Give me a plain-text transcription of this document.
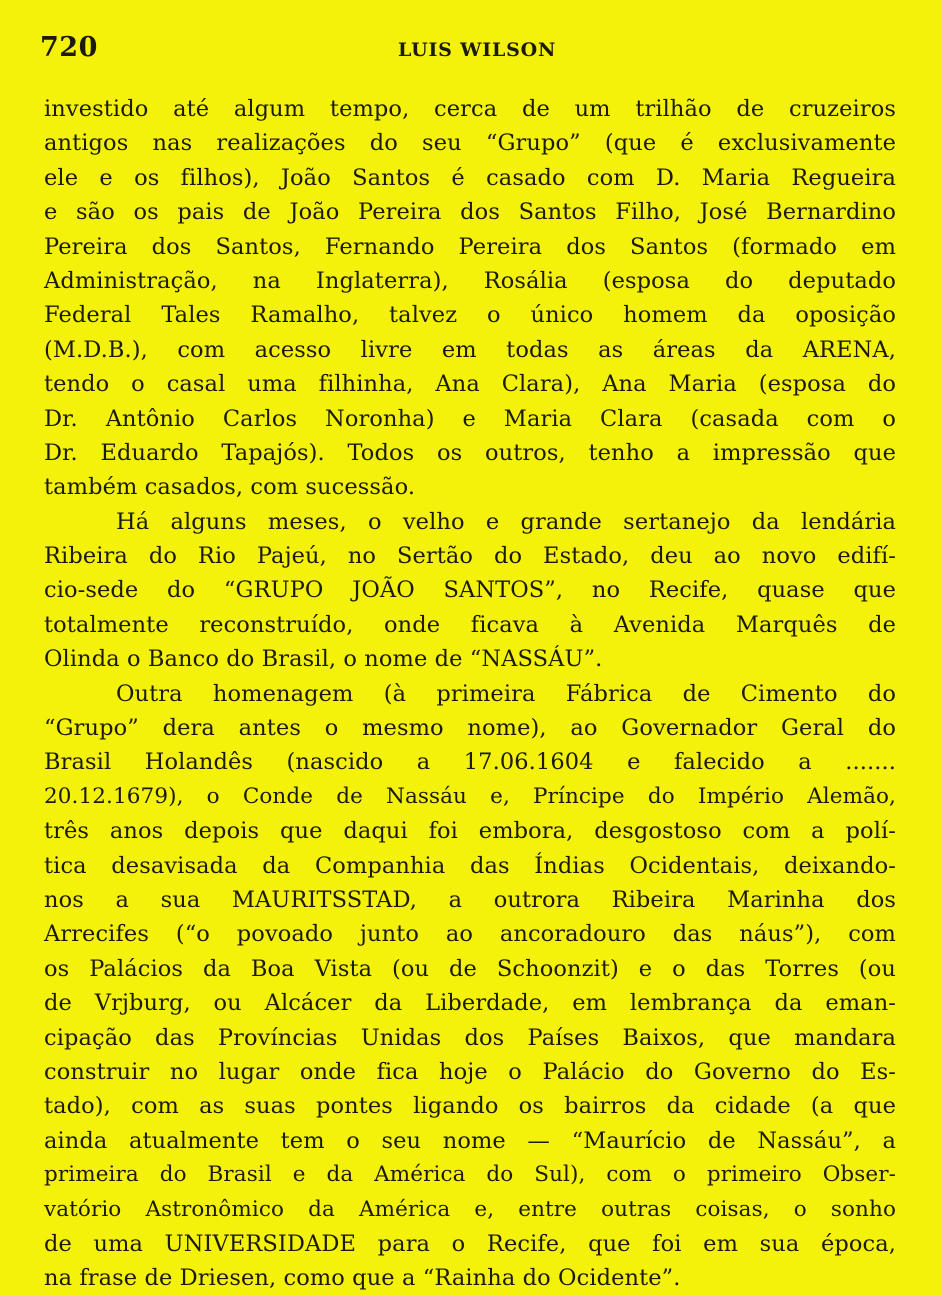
720	LUIS WILSON
investido até algum tempo, cerca de um trilhão de cruzeiros
antigos nas realizações do seu “Grupo” (que é exclusivamente
ele e os filhos), João Santos é casado com D. Maria Regueira
e são os pais de João Pereira dos Santos Filho, José Bernardino
Pereira dos Santos, Fernando Pereira dos Santos (formado em
Administração, na Inglaterra), Rosália (esposa do deputado
Federal Tales Ramalho, talvez o único homem da oposição
(M.D.B.), com acesso livre em todas as áreas da ARENA,
tendo o casal uma filhinha, Ana Clara), Ana Maria (esposa do
Dr. Antônio Carlos Noronha) e Maria Clara (casada com o
Dr. Eduardo Tapajós). Todos os outros, tenho a impressão que
também casados, com sucessão.
Há alguns meses, o velho e grande sertanejo da lendária
Ribeira do Rio Pajeú, no Sertão do Estado, deu ao novo edifí-
cio-sede do “GRUPO JOÃO SANTOS”, no Recife, quase que
totalmente reconstruído, onde ficava à Avenida Marquês de
Olinda o Banco do Brasil, o nome de “NASSÁU”.
Outra homenagem (à primeira Fábrica de Cimento do
“Grupo” dera antes o mesmo nome), ao Governador Geral do
Brasil Holandês (nascido a 17.06.1604 e falecido a .......
20.12.1679), o Conde de Nassáu e, Príncipe do Império Alemão,
três anos depois que daqui foi embora, desgostoso com a polí-
tica desavisada da Companhia das Índias Ocidentais, deixando-
nos a sua MAURITSSTAD, a outrora Ribeira Marinha dos
Arrecifes (“o povoado junto ao ancoradouro das náus”), com
os Palácios da Boa Vista (ou de Schoonzit) e o das Torres (ou
de Vrjburg, ou Alcácer da Liberdade, em lembrança da eman-
cipação das Províncias Unidas dos Países Baixos, que mandara
construir no lugar onde fica hoje o Palácio do Governo do Es-
tado), com as suas pontes ligando os bairros da cidade (a que
ainda atualmente tem o seu nome — “Maurício de Nassáu”, a
primeira do Brasil e da América do Sul), com o primeiro Obser-
vatório Astronômico da América e, entre outras coisas, o sonho
de uma UNIVERSIDADE para o Recife, que foi em sua época,
na frase de Driesen, como que a “Rainha do Ocidente”.
